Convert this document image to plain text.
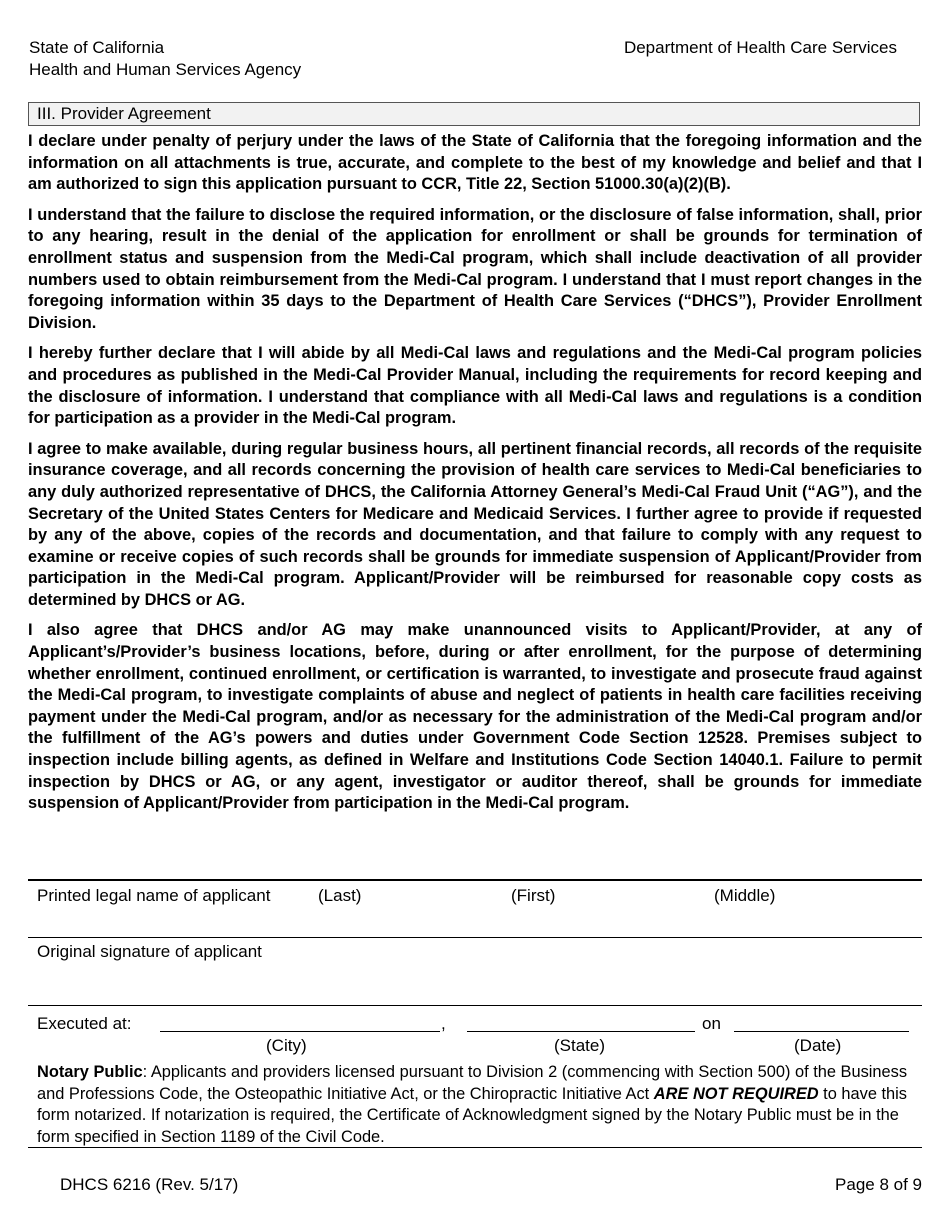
State of California
Health and Human Services Agency
Department of Health Care Services
III. Provider Agreement

I declare under penalty of perjury under the laws of the State of California that the foregoing information and the information on all attachments is true, accurate, and complete to the best of my knowledge and belief and that I am authorized to sign this application pursuant to CCR, Title 22, Section 51000.30(a)(2)(B).

I understand that the failure to disclose the required information, or the disclosure of false information, shall, prior to any hearing, result in the denial of the application for enrollment or shall be grounds for termination of enrollment status and suspension from the Medi-Cal program, which shall include deactivation of all provider numbers used to obtain reimbursement from the Medi-Cal program. I understand that I must report changes in the foregoing information within 35 days to the Department of Health Care Services (“DHCS”), Provider Enrollment Division.

I hereby further declare that I will abide by all Medi-Cal laws and regulations and the Medi-Cal program policies and procedures as published in the Medi-Cal Provider Manual, including the requirements for record keeping and the disclosure of information. I understand that compliance with all Medi-Cal laws and regulations is a condition for participation as a provider in the Medi-Cal program.

I agree to make available, during regular business hours, all pertinent financial records, all records of the requisite insurance coverage, and all records concerning the provision of health care services to Medi-Cal beneficiaries to any duly authorized representative of DHCS, the California Attorney General’s Medi-Cal Fraud Unit (“AG”), and the Secretary of the United States Centers for Medicare and Medicaid Services. I further agree to provide if requested by any of the above, copies of the records and documentation, and that failure to comply with any request to examine or receive copies of such records shall be grounds for immediate suspension of Applicant/Provider from participation in the Medi-Cal program. Applicant/Provider will be reimbursed for reasonable copy costs as determined by DHCS or AG.

I also agree that DHCS and/or AG may make unannounced visits to Applicant/Provider, at any of Applicant’s/Provider’s business locations, before, during or after enrollment, for the purpose of determining whether enrollment, continued enrollment, or certification is warranted, to investigate and prosecute fraud against the Medi-Cal program, to investigate complaints of abuse and neglect of patients in health care facilities receiving payment under the Medi-Cal program, and/or as necessary for the administration of the Medi-Cal program and/or the fulfillment of the AG’s powers and duties under Government Code Section 12528. Premises subject to inspection include billing agents, as defined in Welfare and Institutions Code Section 14040.1. Failure to permit inspection by DHCS or AG, or any agent, investigator or auditor thereof, shall be grounds for immediate suspension of Applicant/Provider from participation in the Medi-Cal program.

Printed legal name of applicant	(Last)	(First)	(Middle)
Original signature of applicant
Executed at:	,	on
(City)	(State)	(Date)
Notary Public: Applicants and providers licensed pursuant to Division 2 (commencing with Section 500) of the Business and Professions Code, the Osteopathic Initiative Act, or the Chiropractic Initiative Act ARE NOT REQUIRED to have this form notarized. If notarization is required, the Certificate of Acknowledgment signed by the Notary Public must be in the form specified in Section 1189 of the Civil Code.
DHCS 6216 (Rev. 5/17)	Page 8 of 9
